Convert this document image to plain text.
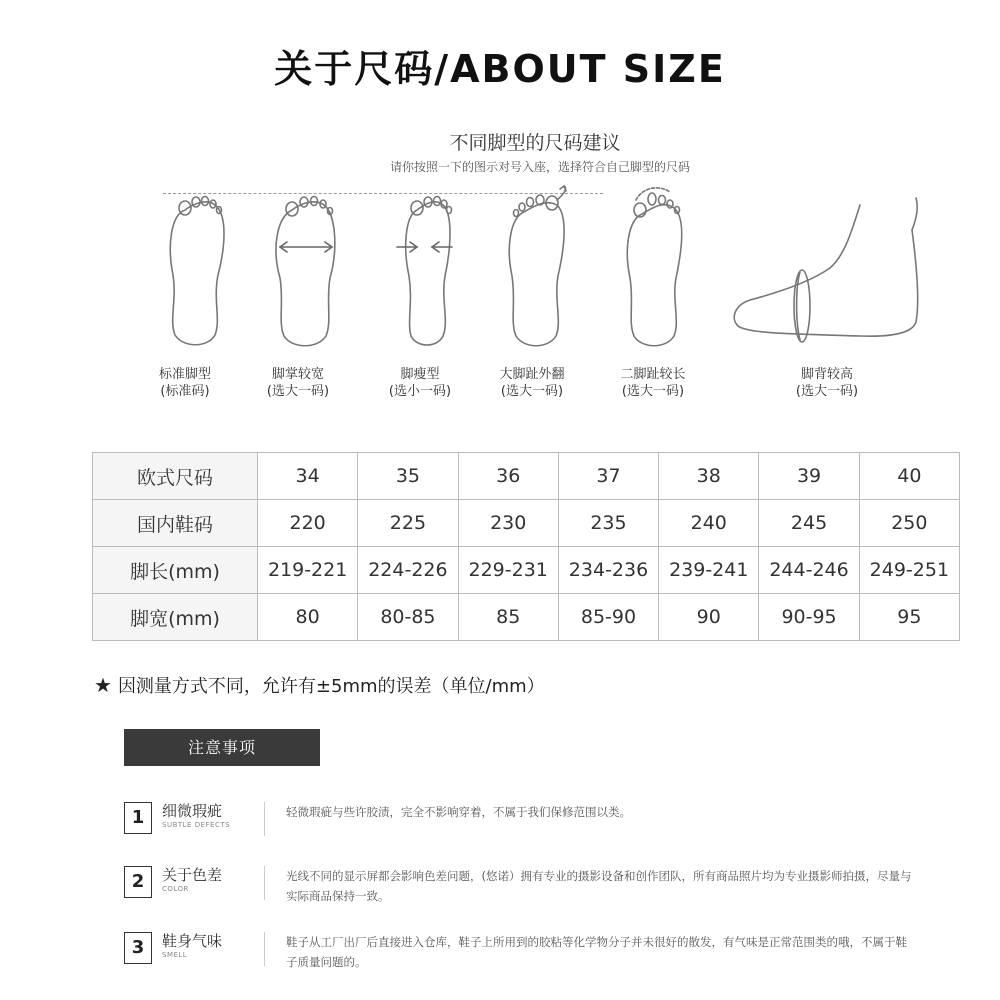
关于尺码/ABOUT SIZE
不同脚型的尺码建议
请你按照一下的图示对号入座，选择符合自己脚型的尺码
标准脚型
(标准码)
脚掌较宽
(选大一码)
脚瘦型
(选小一码)
大脚趾外翻
(选大一码)
二脚趾较长
(选大一码)
脚背较高
(选大一码)
欧式尺码	34	35	36	37	38	39	40
国内鞋码	220	225	230	235	240	245	250
脚长(mm)	219-221	224-226	229-231	234-236	239-241	244-246	249-251
脚宽(mm)	80	80-85	85	85-90	90	90-95	95
★ 因测量方式不同，允许有±5mm的误差（单位/mm）
注意事项
1	细微瑕疵
SUBTLE DEFECTS
轻微瑕疵与些许胶渍，完全不影响穿着，不属于我们保修范围以类。
2	关于色差
COLOR
光线不同的显示屏都会影响色差问题，(悠诺）拥有专业的摄影设备和创作团队，所有商品照片均为专业摄影师拍摄，尽量与实际商品保持一致。
3	鞋身气味
SMELL
鞋子从工厂出厂后直接进入仓库，鞋子上所用到的胶粘等化学物分子并未很好的散发，有气味是正常范围类的哦，不属于鞋子质量问题的。
